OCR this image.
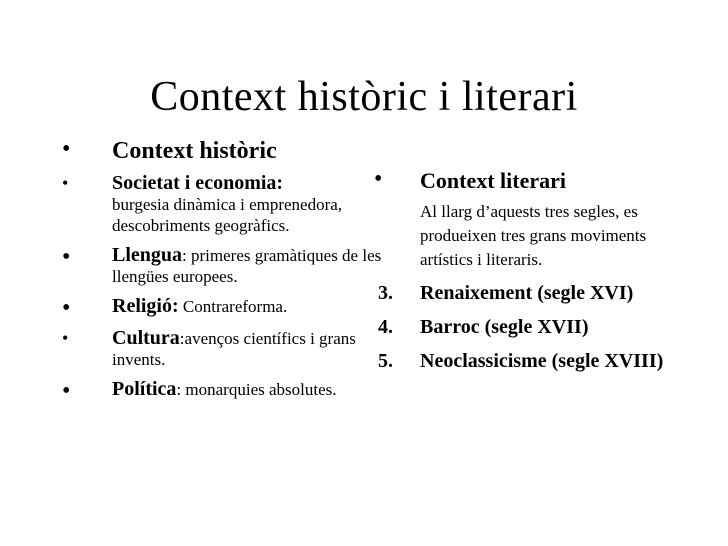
Context històric i literari
• Context històric
• Societat i economia:
burgesia dinàmica i emprenedora, descobriments geogràfics.
• Llengua: primeres gramàtiques de les llengües europees.
• Religió: Contrareforma.
• Cultura:avenços científics i grans invents.
• Política: monarquies absolutes.
• Context literari
Al llarg d’aquests tres segles, es produeixen tres grans moviments artístics i literaris.
3. Renaixement (segle XVI)
4. Barroc (segle XVII)
5. Neoclassicisme (segle XVIII)
